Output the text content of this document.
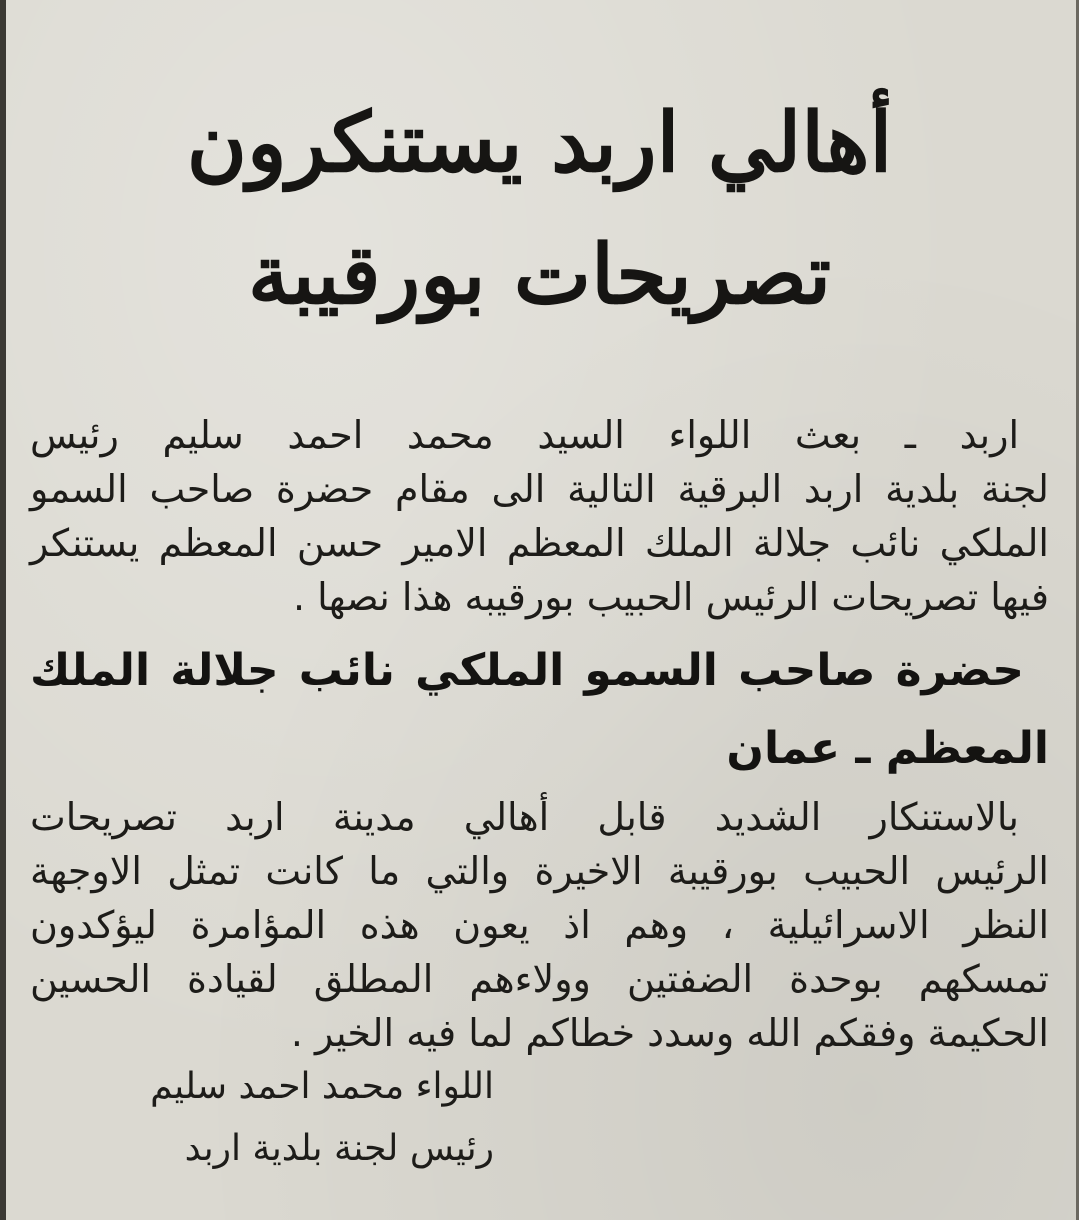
أهالي اربد يستنكرون
تصريحات بورقيبة
اربد ـ بعث اللواء السيد محمد احمد سليم رئيس
لجنة بلدية اربد البرقية التالية الى مقام حضرة صاحب السمو
الملكي نائب جلالة الملك المعظم الامير حسن المعظم يستنكر
فيها تصريحات الرئيس الحبيب بورقيبه هذا نصها .
حضرة صاحب السمو الملكي نائب جلالة الملك
المعظم ـ عمان
بالاستنكار الشديد قابل أهالي مدينة اربد تصريحات
الرئيس الحبيب بورقيبة الاخيرة والتي ما كانت تمثل الاوجهة
النظر الاسرائيلية ، وهم اذ يعون هذه المؤامرة ليؤكدون
تمسكهم بوحدة الضفتين وولاءهم المطلق لقيادة الحسين
الحكيمة وفقكم الله وسدد خطاكم لما فيه الخير .
اللواء محمد احمد سليم
رئيس لجنة بلدية اربد
